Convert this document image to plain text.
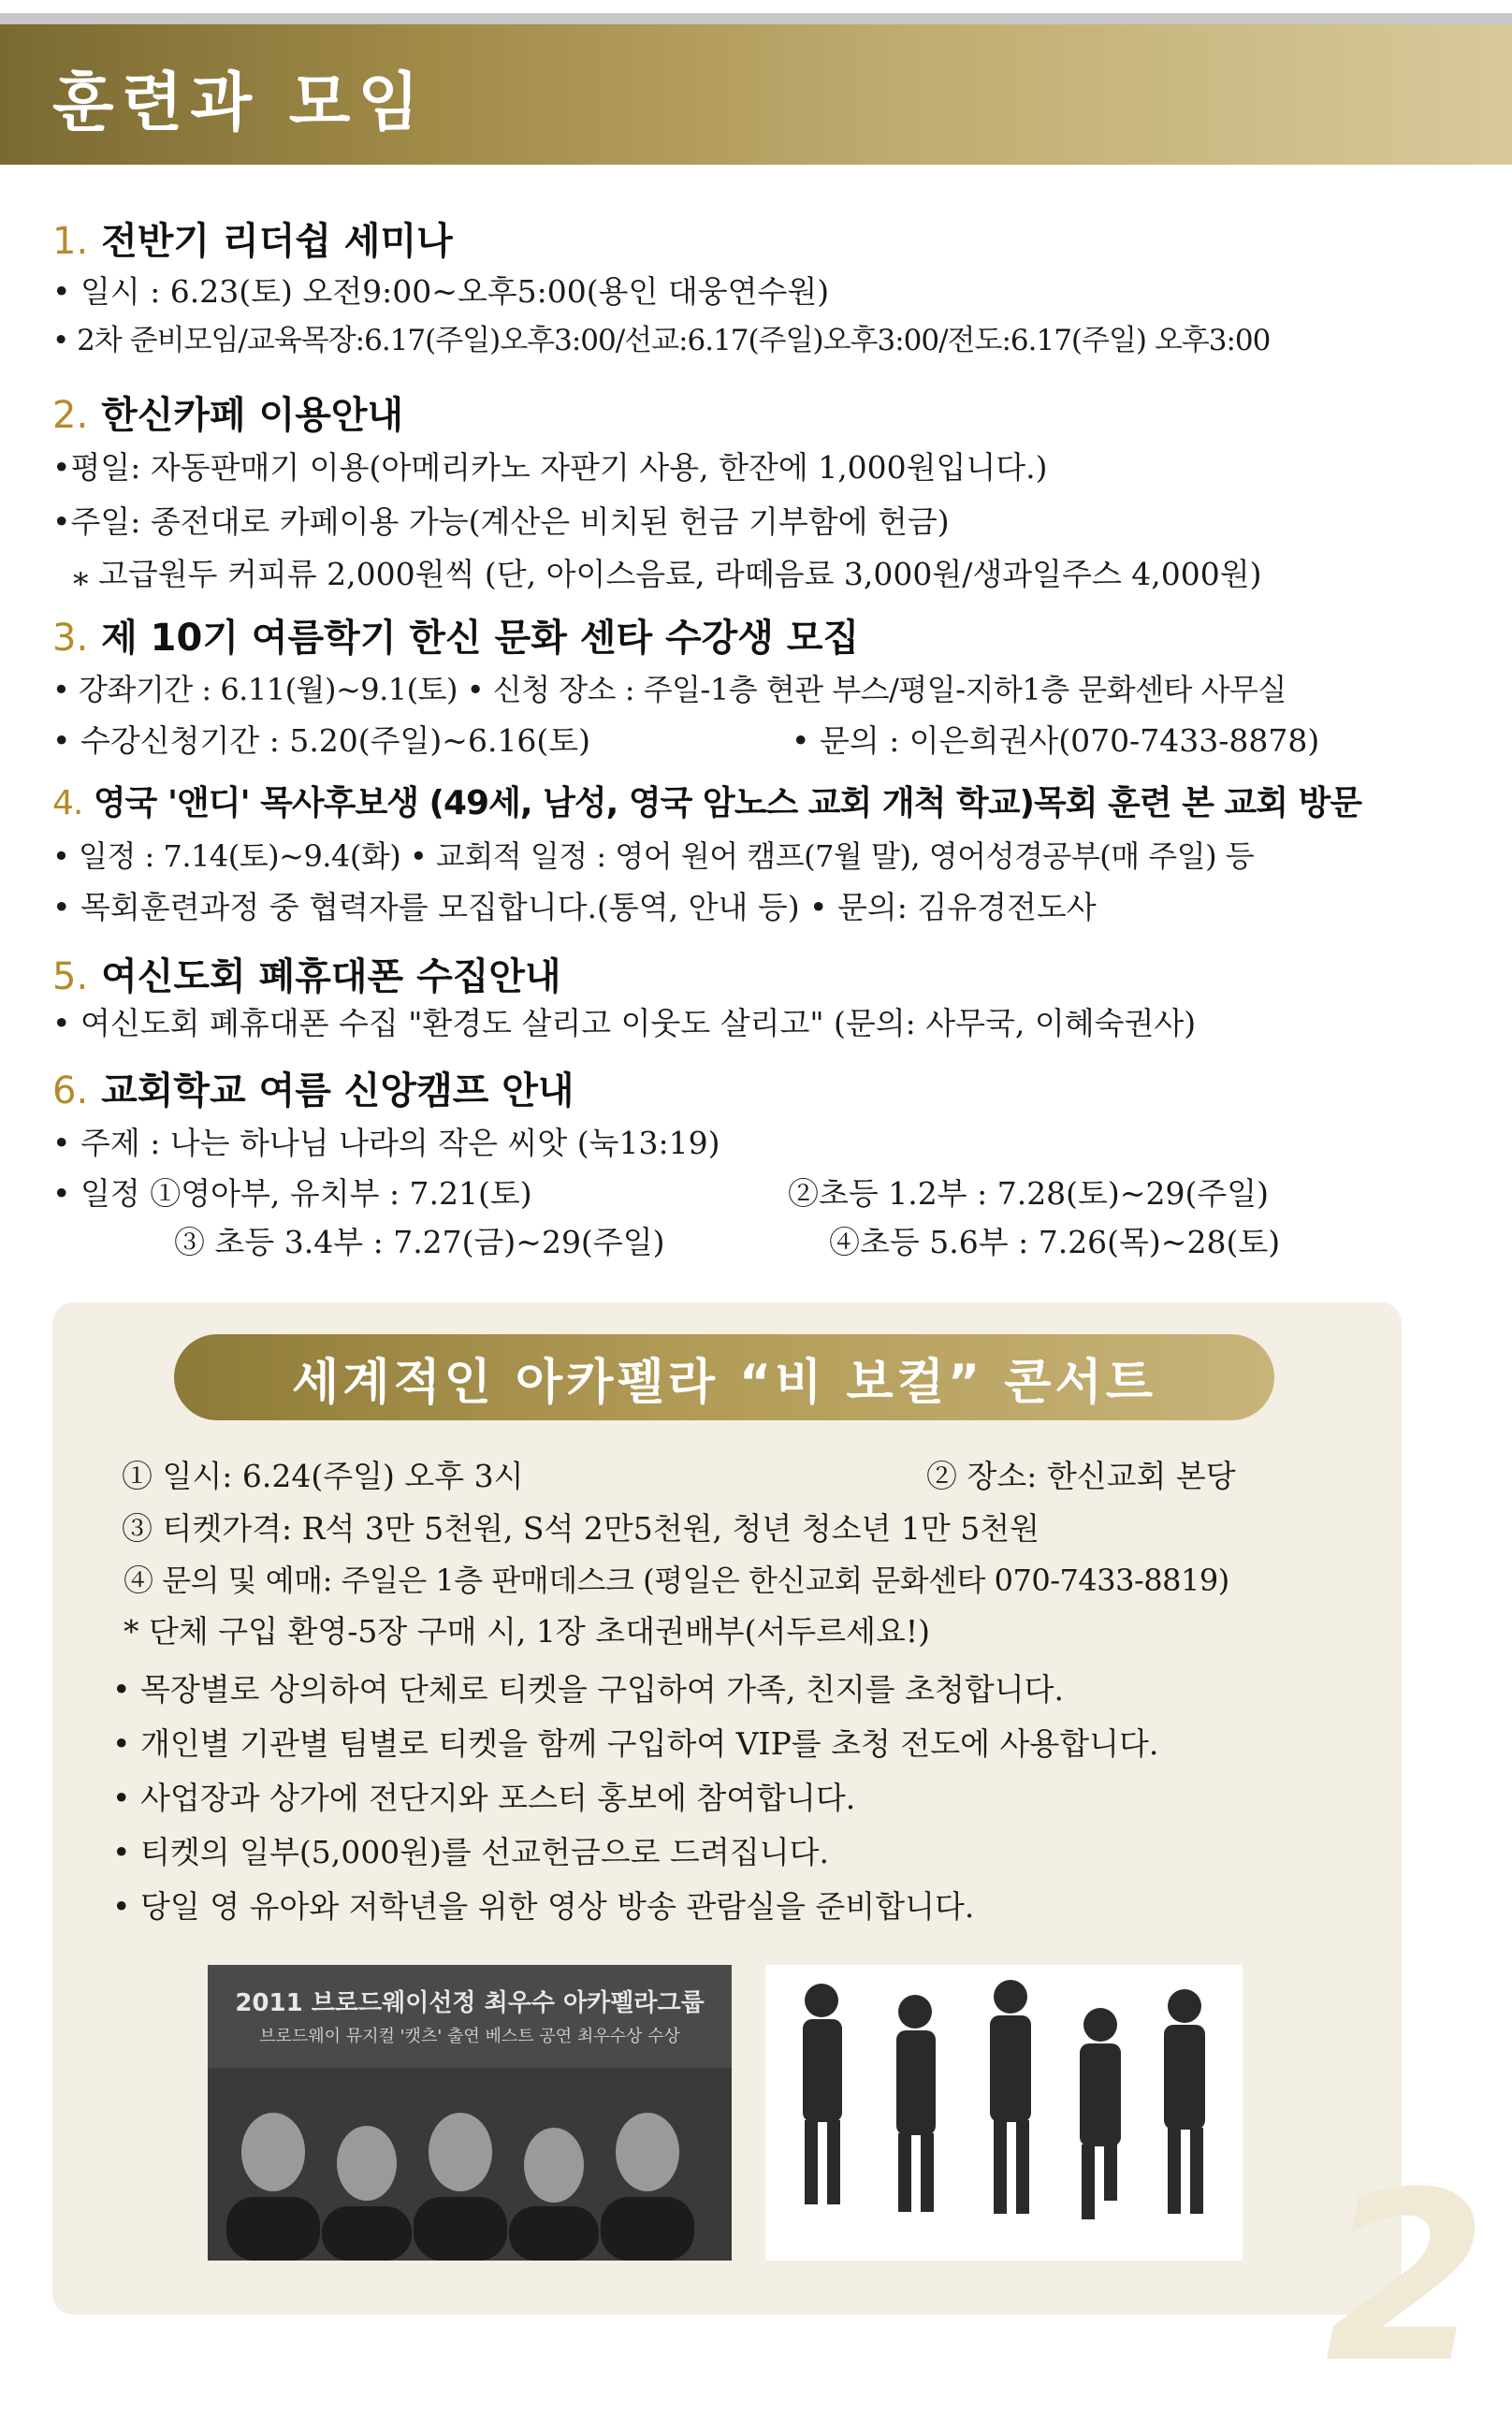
훈련과 모임
1. 전반기 리더쉽 세미나
• 일시 : 6.23(토) 오전9:00~오후5:00(용인 대웅연수원)
• 2차 준비모임/교육목장:6.17(주일)오후3:00/선교:6.17(주일)오후3:00/전도:6.17(주일) 오후3:00
2. 한신카페 이용안내
•평일: 자동판매기 이용(아메리카노 자판기 사용, 한잔에 1,000원입니다.)
•주일: 종전대로 카페이용 가능(계산은 비치된 헌금 기부함에 헌금)
⁎ 고급원두 커피류 2,000원씩 (단, 아이스음료, 라떼음료 3,000원/생과일주스 4,000원)
3. 제 10기 여름학기 한신 문화 센타 수강생 모집
• 강좌기간 : 6.11(월)~9.1(토) • 신청 장소 : 주일-1층 현관 부스/평일-지하1층 문화센타 사무실
• 수강신청기간 : 5.20(주일)~6.16(토)	• 문의 : 이은희권사(070-7433-8878)
4. 영국 '앤디' 목사후보생 (49세, 남성, 영국 암노스 교회 개척 학교)목회 훈련 본 교회 방문
• 일정 : 7.14(토)~9.4(화) • 교회적 일정 : 영어 원어 캠프(7월 말), 영어성경공부(매 주일) 등
• 목회훈련과정 중 협력자를 모집합니다.(통역, 안내 등) • 문의: 김유경전도사
5. 여신도회 폐휴대폰 수집안내
• 여신도회 폐휴대폰 수집 "환경도 살리고 이웃도 살리고" (문의: 사무국, 이혜숙권사)
6. 교회학교 여름 신앙캠프 안내
• 주제 : 나는 하나님 나라의 작은 씨앗 (눅13:19)
• 일정 ①영아부, 유치부 : 7.21(토)	②초등 1.2부 : 7.28(토)~29(주일)
③ 초등 3.4부 : 7.27(금)~29(주일)	④초등 5.6부 : 7.26(목)~28(토)
세계적인 아카펠라 “비 보컬” 콘서트
① 일시: 6.24(주일) 오후 3시	② 장소: 한신교회 본당
③ 티켓가격: R석 3만 5천원, S석 2만5천원, 청년 청소년 1만 5천원
④ 문의 및 예매: 주일은 1층 판매데스크 (평일은 한신교회 문화센타 070-7433-8819)
* 단체 구입 환영-5장 구매 시, 1장 초대권배부(서두르세요!)
• 목장별로 상의하여 단체로 티켓을 구입하여 가족, 친지를 초청합니다.
• 개인별 기관별 팀별로 티켓을 함께 구입하여 VIP를 초청 전도에 사용합니다.
• 사업장과 상가에 전단지와 포스터 홍보에 참여합니다.
• 티켓의 일부(5,000원)를 선교헌금으로 드려집니다.
• 당일 영 유아와 저학년을 위한 영상 방송 관람실을 준비합니다.
2011 브로드웨이선정 최우수 아카펠라그룹
브로드웨이 뮤지컬 '캣츠' 출연 베스트 공연 최우수상 수상
2
